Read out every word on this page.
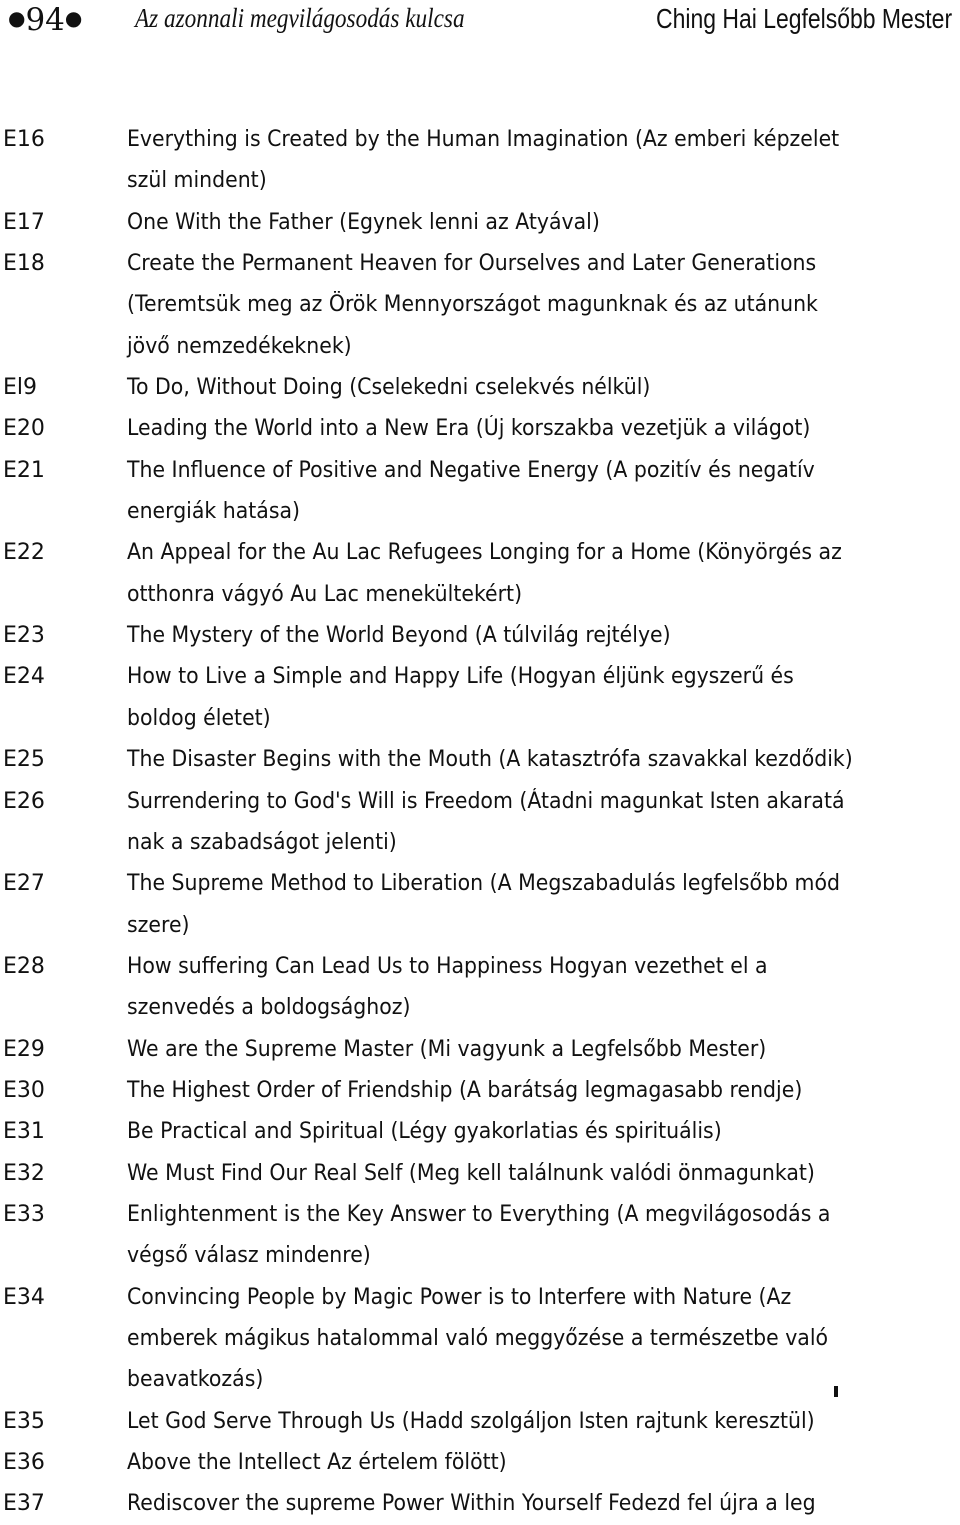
●94● Az azonnali megvilágosodás kulcsa	Ching Hai Legfelsőbb Mester
E16	Everything is Created by the Human Imagination (Az emberi képzelet
szül mindent)
E17	One With the Father (Egynek lenni az Atyával)
E18	Create the Permanent Heaven for Ourselves and Later Generations
(Teremtsük meg az Örök Mennyországot magunknak és az utánunk
jövő nemzedékeknek)
El9	To Do, Without Doing (Cselekedni cselekvés nélkül)
E20	Leading the World into a New Era (Új korszakba vezetjük a világot)
E21	The Influence of Positive and Negative Energy (A pozitív és negatív
energiák hatása)
E22	An Appeal for the Au Lac Refugees Longing for a Home (Könyörgés az
otthonra vágyó Au Lac menekültekért)
E23	The Mystery of the World Beyond (A túlvilág rejtélye)
E24	How to Live a Simple and Happy Life (Hogyan éljünk egyszerű és
boldog életet)
E25	The Disaster Begins with the Mouth (A katasztrófa szavakkal kezdődik)
E26	Surrendering to God's Will is Freedom (Átadni magunkat Isten akaratá
nak a szabadságot jelenti)
E27	The Supreme Method to Liberation (A Megszabadulás legfelsőbb mód
szere)
E28	How suffering Can Lead Us to Happiness Hogyan vezethet el a
szenvedés a boldogsághoz)
E29	We are the Supreme Master (Mi vagyunk a Legfelsőbb Mester)
E30	The Highest Order of Friendship (A barátság legmagasabb rendje)
E31	Be Practical and Spiritual (Légy gyakorlatias és spirituális)
E32	We Must Find Our Real Self (Meg kell találnunk valódi önmagunkat)
E33	Enlightenment is the Key Answer to Everything (A megvilágosodás a
végső válasz mindenre)
E34	Convincing People by Magic Power is to Interfere with Nature (Az
emberek mágikus hatalommal való meggyőzése a természetbe való
beavatkozás)
E35	Let God Serve Through Us (Hadd szolgáljon Isten rajtunk keresztül)
E36	Above the Intellect Az értelem fölött)
E37	Rediscover the supreme Power Within Yourself Fedezd fel újra a leg
